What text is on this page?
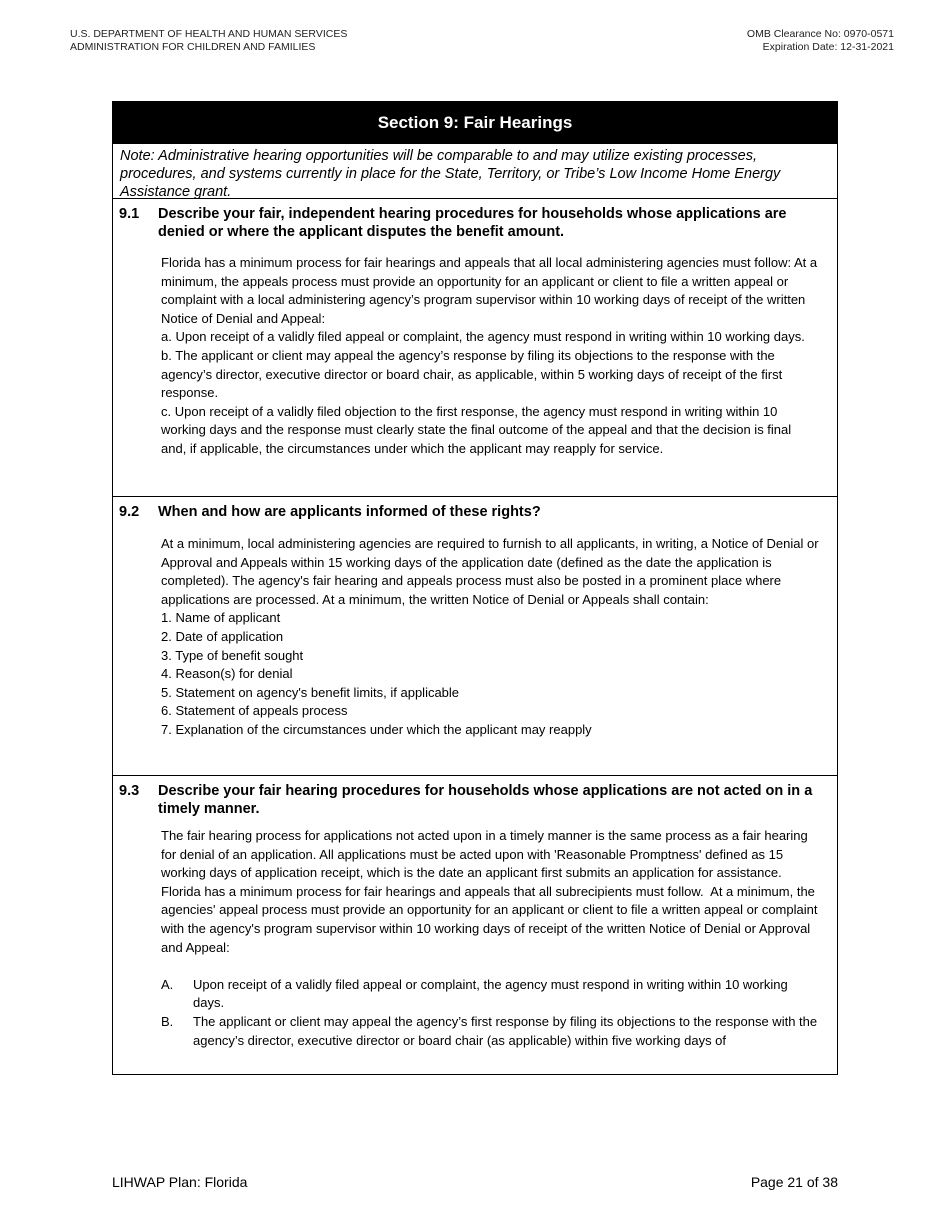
U.S. DEPARTMENT OF HEALTH AND HUMAN SERVICES
ADMINISTRATION FOR CHILDREN AND FAMILIES
OMB Clearance No: 0970-0571
Expiration Date: 12-31-2021
Section 9: Fair Hearings
Note: Administrative hearing opportunities will be comparable to and may utilize existing processes, procedures, and systems currently in place for the State, Territory, or Tribe’s Low Income Home Energy Assistance grant.
9.1	Describe your fair, independent hearing procedures for households whose applications are denied or where the applicant disputes the benefit amount.
Florida has a minimum process for fair hearings and appeals that all local administering agencies must follow: At a minimum, the appeals process must provide an opportunity for an applicant or client to file a written appeal or complaint with a local administering agency’s program supervisor within 10 working days of receipt of the written Notice of Denial and Appeal:
a. Upon receipt of a validly filed appeal or complaint, the agency must respond in writing within 10 working days.
b. The applicant or client may appeal the agency’s response by filing its objections to the response with the agency’s director, executive director or board chair, as applicable, within 5 working days of receipt of the first response.
c. Upon receipt of a validly filed objection to the first response, the agency must respond in writing within 10 working days and the response must clearly state the final outcome of the appeal and that the decision is final and, if applicable, the circumstances under which the applicant may reapply for service.
9.2	When and how are applicants informed of these rights?
At a minimum, local administering agencies are required to furnish to all applicants, in writing, a Notice of Denial or Approval and Appeals within 15 working days of the application date (defined as the date the application is completed). The agency's fair hearing and appeals process must also be posted in a prominent place where applications are processed. At a minimum, the written Notice of Denial or Appeals shall contain:
1. Name of applicant
2. Date of application
3. Type of benefit sought
4. Reason(s) for denial
5. Statement on agency's benefit limits, if applicable
6. Statement of appeals process
7. Explanation of the circumstances under which the applicant may reapply
9.3	Describe your fair hearing procedures for households whose applications are not acted on in a timely manner.
The fair hearing process for applications not acted upon in a timely manner is the same process as a fair hearing for denial of an application. All applications must be acted upon with 'Reasonable Promptness' defined as 15 working days of application receipt, which is the date an applicant first submits an application for assistance.  Florida has a minimum process for fair hearings and appeals that all subrecipients must follow.  At a minimum, the agencies' appeal process must provide an opportunity for an applicant or client to file a written appeal or complaint with the agency's program supervisor within 10 working days of receipt of the written Notice of Denial or Approval and Appeal:
A.	Upon receipt of a validly filed appeal or complaint, the agency must respond in writing within 10 working days.
B.	The applicant or client may appeal the agency’s first response by filing its objections to the response with the agency’s director, executive director or board chair (as applicable) within five working days of
LIHWAP Plan: Florida	Page 21 of 38
